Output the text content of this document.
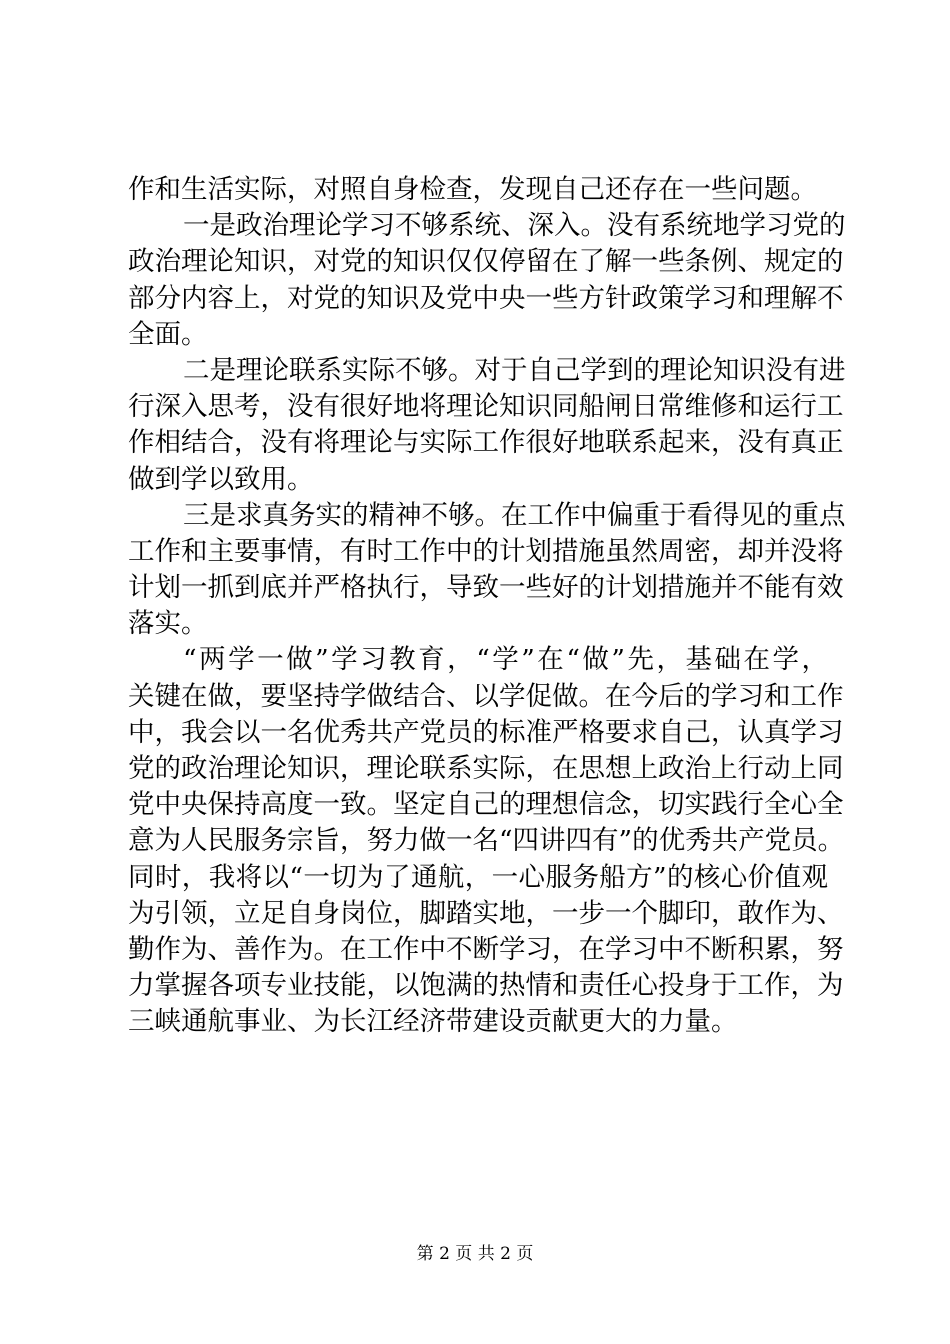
作和生活实际，对照自身检查，发现自己还存在一些问题。
一是政治理论学习不够系统、深入。没有系统地学习党的
政治理论知识，对党的知识仅仅停留在了解一些条例、规定的
部分内容上，对党的知识及党中央一些方针政策学习和理解不
全面。
二是理论联系实际不够。对于自己学到的理论知识没有进
行深入思考，没有很好地将理论知识同船闸日常维修和运行工
作相结合，没有将理论与实际工作很好地联系起来，没有真正
做到学以致用。
三是求真务实的精神不够。在工作中偏重于看得见的重点
工作和主要事情，有时工作中的计划措施虽然周密，却并没将
计划一抓到底并严格执行，导致一些好的计划措施并不能有效
落实。
“两学一做”学习教育，“学”在“做”先，基础在学，
关键在做，要坚持学做结合、以学促做。在今后的学习和工作
中，我会以一名优秀共产党员的标准严格要求自己，认真学习
党的政治理论知识，理论联系实际，在思想上政治上行动上同
党中央保持高度一致。坚定自己的理想信念，切实践行全心全
意为人民服务宗旨，努力做一名“四讲四有”的优秀共产党员。
同时，我将以“一切为了通航，一心服务船方”的核心价值观
为引领，立足自身岗位，脚踏实地，一步一个脚印，敢作为、
勤作为、善作为。在工作中不断学习，在学习中不断积累，努
力掌握各项专业技能，以饱满的热情和责任心投身于工作，为
三峡通航事业、为长江经济带建设贡献更大的力量。
第 2 页 共 2 页
